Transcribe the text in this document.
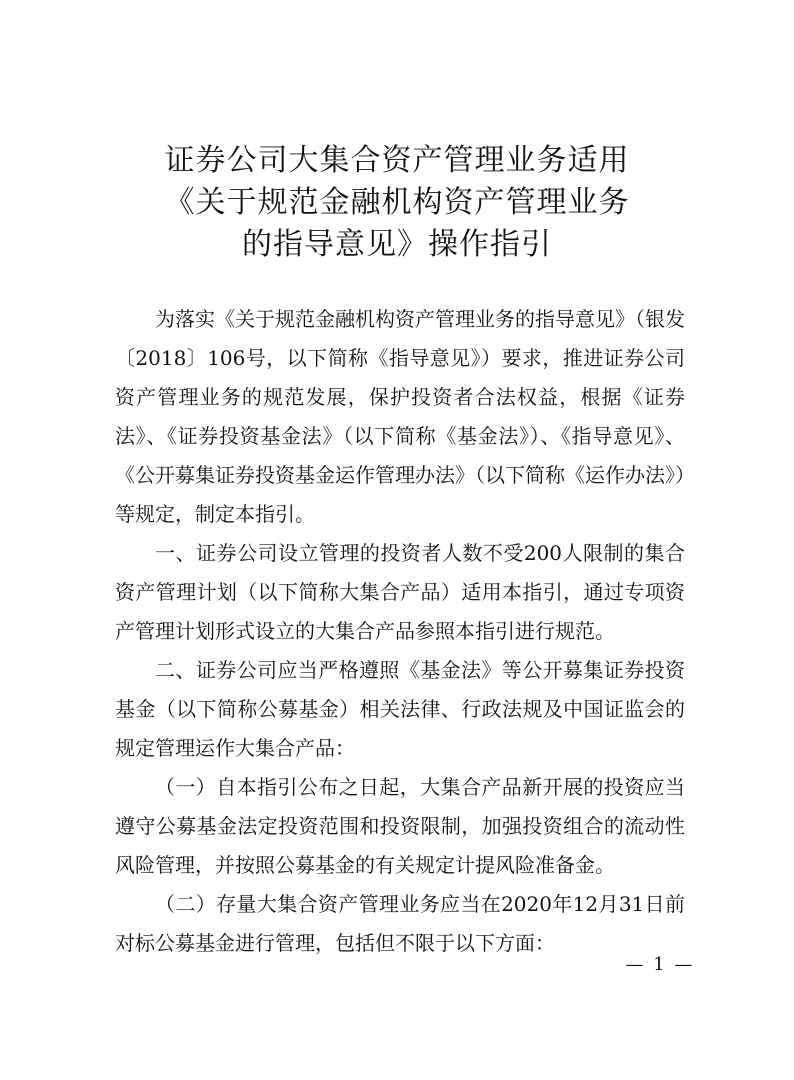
证券公司大集合资产管理业务适用
《关于规范金融机构资产管理业务
的指导意见》操作指引

为落实《关于规范金融机构资产管理业务的指导意见》（银发〔2018〕106号，以下简称《指导意见》）要求，推进证券公司资产管理业务的规范发展，保护投资者合法权益，根据《证券法》、《证券投资基金法》（以下简称《基金法》）、《指导意见》、《公开募集证券投资基金运作管理办法》（以下简称《运作办法》）等规定，制定本指引。

一、证券公司设立管理的投资者人数不受200人限制的集合资产管理计划（以下简称大集合产品）适用本指引，通过专项资产管理计划形式设立的大集合产品参照本指引进行规范。

二、证券公司应当严格遵照《基金法》等公开募集证券投资基金（以下简称公募基金）相关法律、行政法规及中国证监会的规定管理运作大集合产品：

（一）自本指引公布之日起，大集合产品新开展的投资应当遵守公募基金法定投资范围和投资限制，加强投资组合的流动性风险管理，并按照公募基金的有关规定计提风险准备金。

（二）存量大集合资产管理业务应当在2020年12月31日前对标公募基金进行管理，包括但不限于以下方面：

— 1 —
